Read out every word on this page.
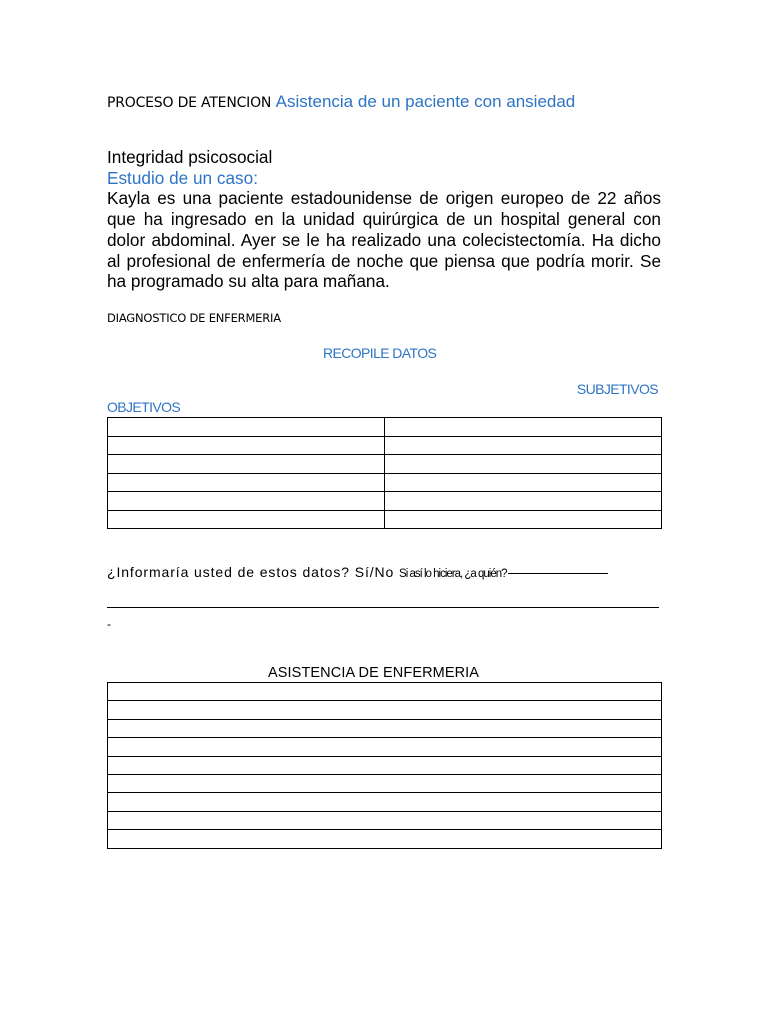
PROCESO DE ATENCION Asistencia de un paciente con ansiedad
Integridad psicosocial
Estudio de un caso:
Kayla es una paciente estadounidense de origen europeo de 22 años que ha ingresado en la unidad quirúrgica de un hospital general con dolor abdominal. Ayer se le ha realizado una colecistectomía. Ha dicho al profesional de enfermería de noche que piensa que podría morir. Se ha programado su alta para mañana.
DIAGNOSTICO DE ENFERMERIA
RECOPILE DATOS
SUBJETIVOS
OBJETIVOS

¿Informaría usted de estos datos? Sí/No Si así lo hiciera, ¿a quién?
-
ASISTENCIA DE ENFERMERIA
